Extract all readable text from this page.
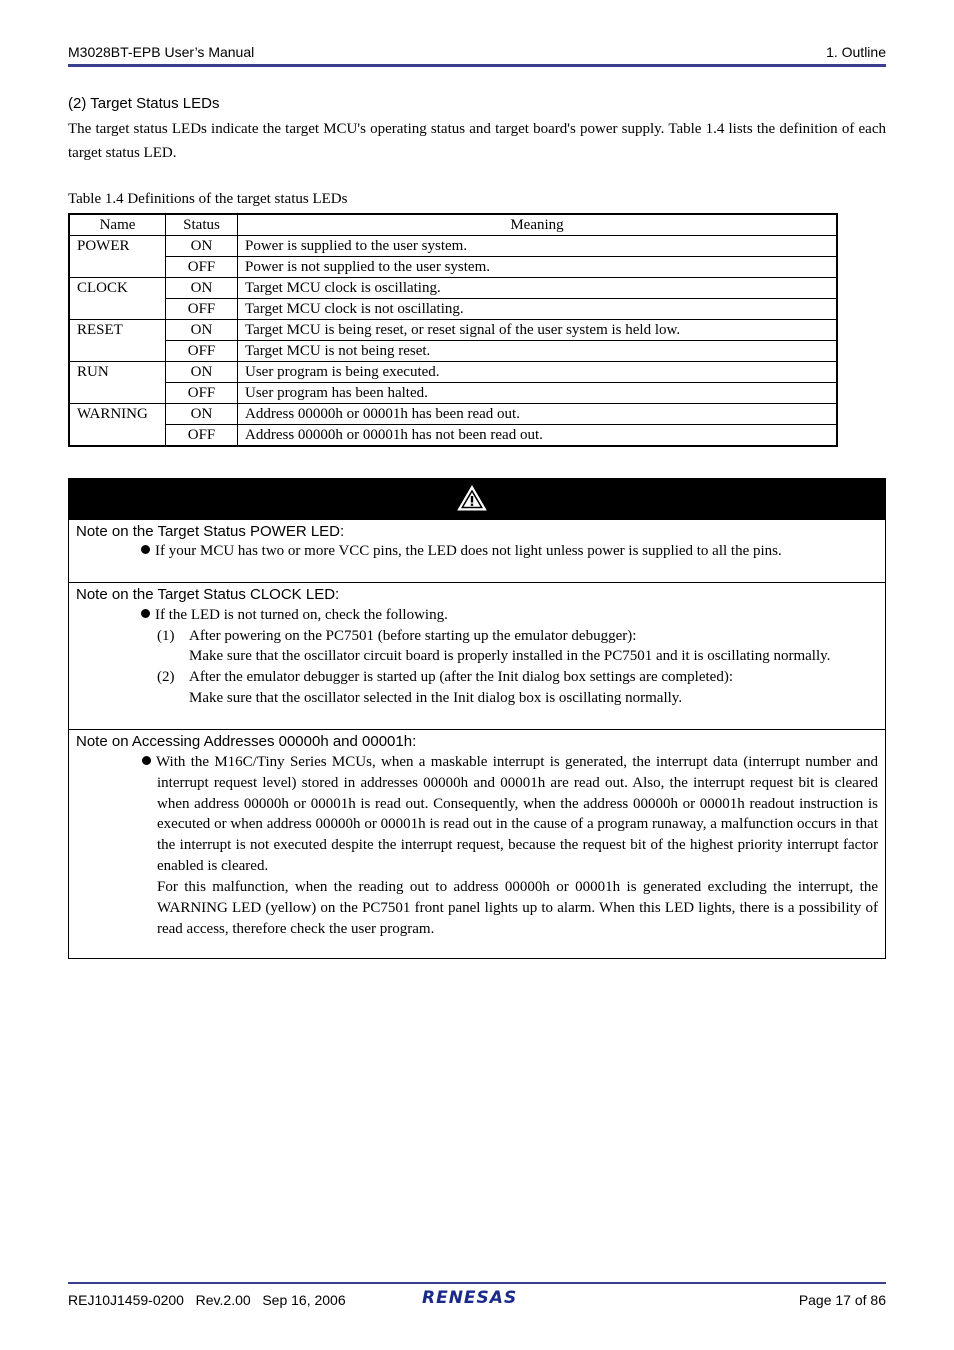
M3028BT-EPB User’s Manual	1. Outline
(2) Target Status LEDs
The target status LEDs indicate the target MCU's operating status and target board's power supply. Table 1.4 lists the definition of each target status LED.
Table 1.4 Definitions of the target status LEDs
Name	Status	Meaning
POWER	ON	Power is supplied to the user system.
	OFF	Power is not supplied to the user system.
CLOCK	ON	Target MCU clock is oscillating.
	OFF	Target MCU clock is not oscillating.
RESET	ON	Target MCU is being reset, or reset signal of the user system is held low.
	OFF	Target MCU is not being reset.
RUN	ON	User program is being executed.
	OFF	User program has been halted.
WARNING	ON	Address 00000h or 00001h has been read out.
	OFF	Address 00000h or 00001h has not been read out.
Note on the Target Status POWER LED:
If your MCU has two or more VCC pins, the LED does not light unless power is supplied to all the pins.
Note on the Target Status CLOCK LED:
If the LED is not turned on, check the following.
(1) After powering on the PC7501 (before starting up the emulator debugger):
Make sure that the oscillator circuit board is properly installed in the PC7501 and it is oscillating normally.
(2) After the emulator debugger is started up (after the Init dialog box settings are completed):
Make sure that the oscillator selected in the Init dialog box is oscillating normally.
Note on Accessing Addresses 00000h and 00001h:
With the M16C/Tiny Series MCUs, when a maskable interrupt is generated, the interrupt data (interrupt number and interrupt request level) stored in addresses 00000h and 00001h are read out. Also, the interrupt request bit is cleared when address 00000h or 00001h is read out. Consequently, when the address 00000h or 00001h readout instruction is executed or when address 00000h or 00001h is read out in the cause of a program runaway, a malfunction occurs in that the interrupt is not executed despite the interrupt request, because the request bit of the highest priority interrupt factor enabled is cleared.
For this malfunction, when the reading out to address 00000h or 00001h is generated excluding the interrupt, the WARNING LED (yellow) on the PC7501 front panel lights up to alarm. When this LED lights, there is a possibility of read access, therefore check the user program.
REJ10J1459-0200 Rev.2.00 Sep 16, 2006	RENESAS	Page 17 of 86
